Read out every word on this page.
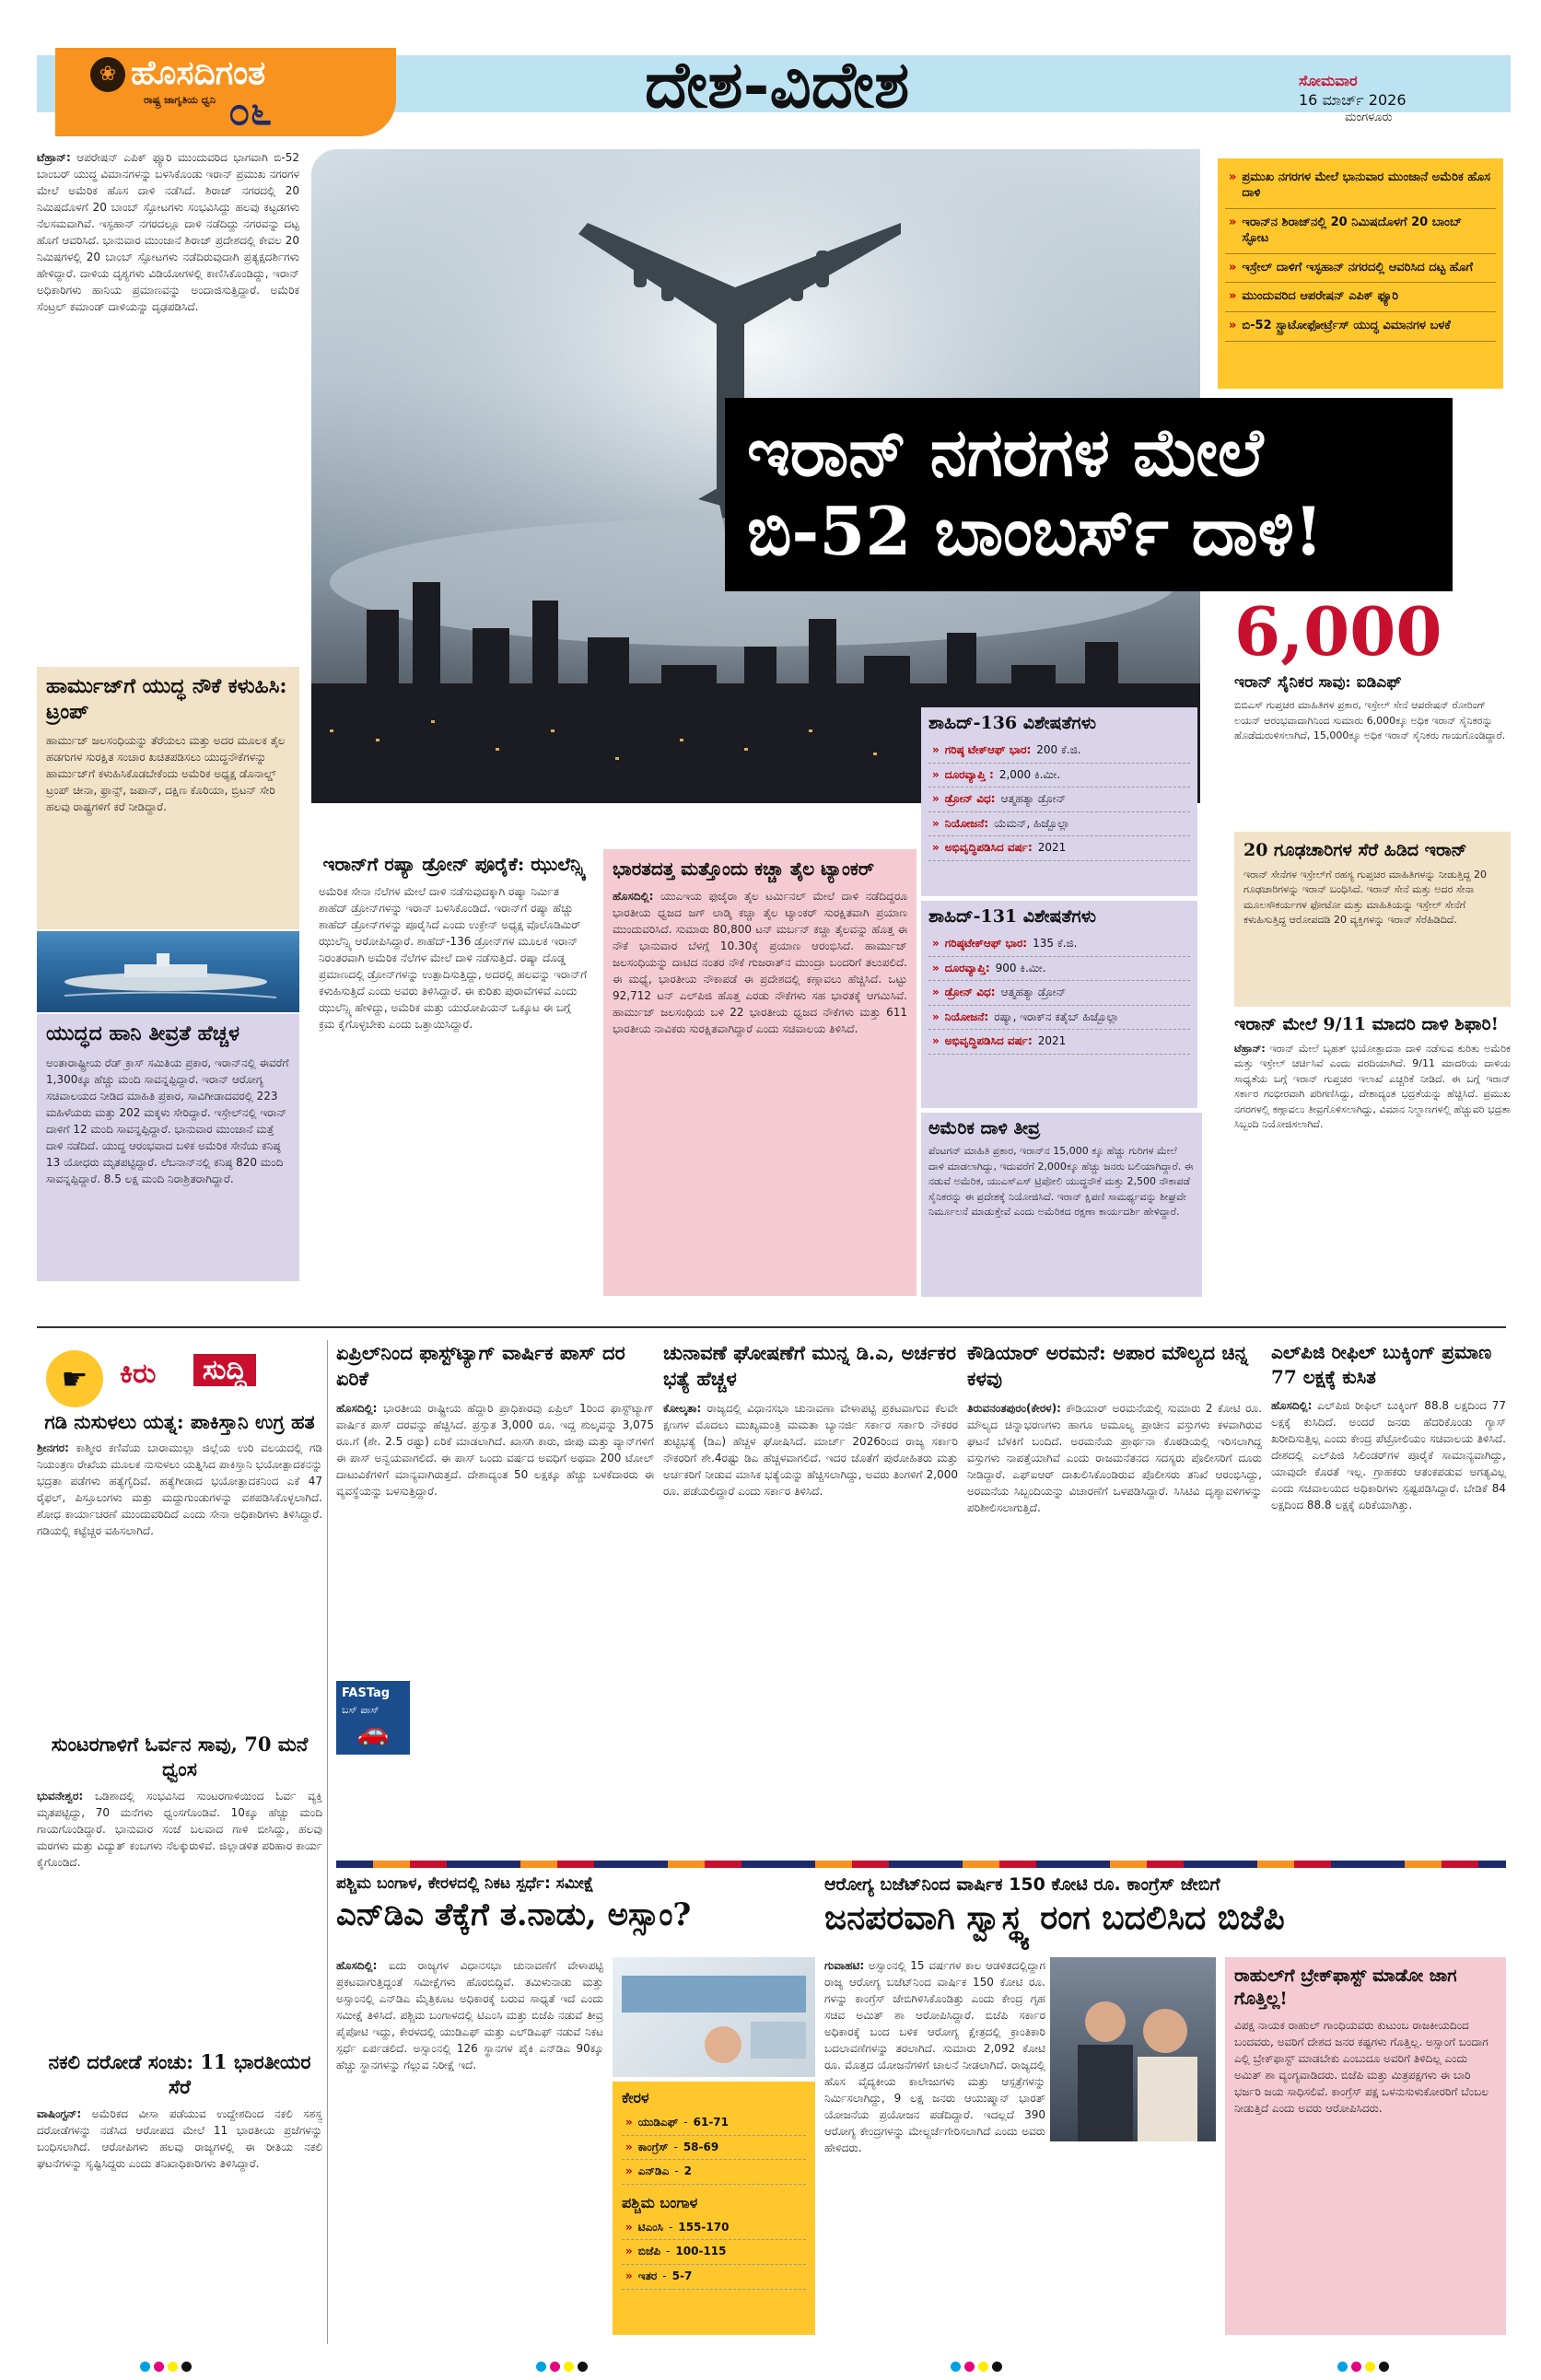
❀ ಹೊಸದಿಗಂತ
ರಾಷ್ಟ್ರ ಜಾಗೃತಿಯ ಧ್ವನಿ ೦೬	ದೇಶ-ವಿದೇಶ	ಸೋಮವಾರ
16 ಮಾರ್ಚ್ 2026
ಮಂಗಳೂರು

ಟೆಹ್ರಾನ್: ಆಪರೇಷನ್ ಎಪಿಕ್ ಫ್ಯೂರಿ ಮುಂದುವರಿದ ಭಾಗವಾಗಿ ಬಿ-52 ಬಾಂಬರ್ ಯುದ್ಧ ವಿಮಾನಗಳನ್ನು ಬಳಸಿಕೊಂಡು ಇರಾನ್ ಪ್ರಮುಖ ನಗರಗಳ ಮೇಲೆ ಅಮೆರಿಕ ಹೊಸ ದಾಳಿ ನಡೆಸಿದೆ. ಶಿರಾಜ್ ನಗರದಲ್ಲಿ 20 ನಿಮಿಷದೊಳಗೆ 20 ಬಾಂಬ್ ಸ್ಫೋಟಗಳು ಸಂಭವಿಸಿದ್ದು ಹಲವು ಕಟ್ಟಡಗಳು ನೆಲಸಮವಾಗಿವೆ. ಇಸ್ಫಹಾನ್ ನಗರದಲ್ಲೂ ದಾಳಿ ನಡೆದಿದ್ದು ನಗರವನ್ನು ದಟ್ಟ ಹೊಗೆ ಆವರಿಸಿದೆ. ಭಾನುವಾರ ಮುಂಜಾನೆ ಶಿರಾಜ್ ಪ್ರದೇಶದಲ್ಲಿ ಕೇವಲ 20 ನಿಮಿಷಗಳಲ್ಲಿ 20 ಬಾಂಬ್ ಸ್ಫೋಟಗಳು ನಡೆದಿರುವುದಾಗಿ ಪ್ರತ್ಯಕ್ಷದರ್ಶಿಗಳು ಹೇಳಿದ್ದಾರೆ. ದಾಳಿಯ ದೃಶ್ಯಗಳು ವಿಡಿಯೋಗಳಲ್ಲಿ ಕಾಣಿಸಿಕೊಂಡಿದ್ದು, ಇರಾನ್ ಅಧಿಕಾರಿಗಳು ಹಾನಿಯ ಪ್ರಮಾಣವನ್ನು ಅಂದಾಜಿಸುತ್ತಿದ್ದಾರೆ. ಅಮೆರಿಕ ಸೆಂಟ್ರಲ್ ಕಮಾಂಡ್ ದಾಳಿಯನ್ನು ದೃಢಪಡಿಸಿದೆ.

ಹಾರ್ಮುಜ್‌ಗೆ ಯುದ್ಧ ನೌಕೆ ಕಳುಹಿಸಿ: ಟ್ರಂಪ್
ಹಾರ್ಮುಜ್ ಜಲಸಂಧಿಯನ್ನು ತೆರೆಯಲು ಮತ್ತು ಅದರ ಮೂಲಕ ತೈಲ ಹಡಗುಗಳ ಸುರಕ್ಷಿತ ಸಂಚಾರ ಖಚಿತಪಡಿಸಲು ಯುದ್ಧನೌಕೆಗಳನ್ನು ಹಾರ್ಮುಜ್‌ಗೆ ಕಳುಹಿಸಿಕೊಡಬೇಕೆಂದು ಅಮೆರಿಕ ಅಧ್ಯಕ್ಷ ಡೊನಾಲ್ಡ್ ಟ್ರಂಪ್ ಚೀನಾ, ಫ್ರಾನ್ಸ್, ಜಪಾನ್, ದಕ್ಷಿಣ ಕೊರಿಯಾ, ಬ್ರಿಟನ್ ಸೇರಿ ಹಲವು ರಾಷ್ಟ್ರಗಳಿಗೆ ಕರೆ ನೀಡಿದ್ದಾರೆ.
ಯುದ್ಧದ ಹಾನಿ ತೀವ್ರತೆ ಹೆಚ್ಚಳ
ಅಂತಾರಾಷ್ಟ್ರೀಯ ರೆಡ್ ಕ್ರಾಸ್ ಸಮಿತಿಯ ಪ್ರಕಾರ, ಇರಾನ್‌ನಲ್ಲಿ ಈವರೆಗೆ 1,300ಕ್ಕೂ ಹೆಚ್ಚು ಮಂದಿ ಸಾವನ್ನಪ್ಪಿದ್ದಾರೆ. ಇರಾನ್ ಆರೋಗ್ಯ ಸಚಿವಾಲಯದ ನೀಡಿದ ಮಾಹಿತಿ ಪ್ರಕಾರ, ಸಾವಿಗೀಡಾದವರಲ್ಲಿ 223 ಮಹಿಳೆಯರು ಮತ್ತು 202 ಮಕ್ಕಳು ಸೇರಿದ್ದಾರೆ. ಇಸ್ರೇಲ್‌ನಲ್ಲಿ ಇರಾನ್ ದಾಳಿಗೆ 12 ಮಂದಿ ಸಾವನ್ನಪ್ಪಿದ್ದಾರೆ. ಭಾನುವಾರ ಮುಂಜಾನೆ ಮತ್ತೆ ದಾಳಿ ನಡೆದಿದೆ. ಯುದ್ಧ ಆರಂಭವಾದ ಬಳಿಕ ಅಮೆರಿಕ ಸೇನೆಯ ಕನಿಷ್ಠ 13 ಯೋಧರು ಮೃತಪಟ್ಟಿದ್ದಾರೆ. ಲೆಬನಾನ್‌ನಲ್ಲಿ ಕನಿಷ್ಠ 820 ಮಂದಿ ಸಾವನ್ನಪ್ಪಿದ್ದಾರೆ. 8.5 ಲಕ್ಷ ಮಂದಿ ನಿರಾಶ್ರಿತರಾಗಿದ್ದಾರೆ.
ಇರಾನ್ ನಗರಗಳ ಮೇಲೆ
ಬಿ-52 ಬಾಂಬರ್ಸ್ ದಾಳಿ!
» ಪ್ರಮುಖ ನಗರಗಳ ಮೇಲೆ ಭಾನುವಾರ ಮುಂಜಾನೆ ಅಮೆರಿಕ ಹೊಸ ದಾಳಿ
» ಇರಾನ್‌ನ ಶಿರಾಜ್‌ನಲ್ಲಿ 20 ನಿಮಿಷದೊಳಗೆ 20 ಬಾಂಬ್ ಸ್ಫೋಟ
» ಇಸ್ರೇಲ್ ದಾಳಿಗೆ ಇಸ್ಫಹಾನ್ ನಗರದಲ್ಲಿ ಆವರಿಸಿದ ದಟ್ಟ ಹೊಗೆ
» ಮುಂದುವರಿದ ಆಪರೇಷನ್ ಎಪಿಕ್ ಫ್ಯೂರಿ
» ಬಿ-52 ಸ್ಟ್ರಾಟೋಫೋರ್ಟ್ರೆಸ್ ಯುದ್ಧ ವಿಮಾನಗಳ ಬಳಕೆ
6,000
ಇರಾನ್ ಸೈನಿಕರ ಸಾವು: ಐಡಿಎಫ್
ಬಿಬಿಎಸ್ ಗುಪ್ತಚರ ಮಾಹಿತಿಗಳ ಪ್ರಕಾರ, ಇಸ್ರೇಲ್ ಸೇನೆ ಆಪರೇಷನ್ ರೋರಿಂಗ್ ಲಯನ್ ಆರಂಭವಾದಾಗಿನಿಂದ ಸುಮಾರು 6,000ಕ್ಕೂ ಅಧಿಕ ಇರಾನ್ ಸೈನಿಕರನ್ನು ಹೊಡೆದುರುಳಿಸಲಾಗಿದೆ, 15,000ಕ್ಕೂ ಅಧಿಕ ಇರಾನ್ ಸೈನಿಕರು ಗಾಯಗೊಂಡಿದ್ದಾರೆ.
20 ಗೂಢಚಾರಿಗಳ ಸೆರೆ ಹಿಡಿದ ಇರಾನ್
ಇರಾನ್ ಸೇನೆಗಳ ಇಸ್ರೇಲ್‌ಗೆ ರಹಸ್ಯ ಗುಪ್ತಚರ ಮಾಹಿತಿಗಳನ್ನು ನೀಡುತ್ತಿದ್ದ 20 ಗೂಢಚಾರಿಗಳನ್ನು ಇರಾನ್ ಬಂಧಿಸಿದೆ. ಇರಾನ್ ಸೇನೆ ಮತ್ತು ಅದರ ಸೇನಾ ಮೂಲಸೌಕರ್ಯಗಳ ಫೋಟೋ ಮತ್ತು ಮಾಹಿತಿಯನ್ನು ಇಸ್ರೇಲ್ ಸೇನೆಗೆ ಕಳುಹಿಸುತ್ತಿದ್ದ ಆರೋಪದಡಿ 20 ವ್ಯಕ್ತಿಗಳನ್ನು ಇರಾನ್ ಸೆರೆಹಿಡಿದಿದೆ.
ಇರಾನ್ ಮೇಲೆ 9/11 ಮಾದರಿ ದಾಳಿ ಶಿಫಾರಿ!

ಟೆಹ್ರಾನ್: ಇರಾನ್ ಮೇಲೆ ಬೃಹತ್ ಭಯೋತ್ಪಾದನಾ ದಾಳಿ ನಡೆಸುವ ಕುರಿತು ಅಮೆರಿಕ ಮತ್ತು ಇಸ್ರೇಲ್ ಚರ್ಚಿಸಿವೆ ಎಂದು ವರದಿಯಾಗಿದೆ. 9/11 ಮಾದರಿಯ ದಾಳಿಯ ಸಾಧ್ಯತೆಯ ಬಗ್ಗೆ ಇರಾನ್ ಗುಪ್ತಚರ ಇಲಾಖೆ ಎಚ್ಚರಿಕೆ ನೀಡಿದೆ. ಈ ಬಗ್ಗೆ ಇರಾನ್ ಸರ್ಕಾರ ಗಂಭೀರವಾಗಿ ಪರಿಗಣಿಸಿದ್ದು, ದೇಶಾದ್ಯಂತ ಭದ್ರತೆಯನ್ನು ಹೆಚ್ಚಿಸಿದೆ. ಪ್ರಮುಖ ನಗರಗಳಲ್ಲಿ ಕಣ್ಗಾವಲು ತೀವ್ರಗೊಳಿಸಲಾಗಿದ್ದು, ವಿಮಾನ ನಿಲ್ದಾಣಗಳಲ್ಲಿ ಹೆಚ್ಚುವರಿ ಭದ್ರತಾ ಸಿಬ್ಬಂದಿ ನಿಯೋಜಿಸಲಾಗಿದೆ.

ಶಾಹಿದ್-136 ವಿಶೇಷತೆಗಳು
» ಗರಿಷ್ಠ ಟೇಕ್‌ಆಫ್ ಭಾರ: 200 ಕೆ.ಜಿ.
» ದೂರವ್ಯಾಪ್ತಿ : 2,000 ಕಿ.ಮೀ.
» ಡ್ರೋನ್ ವಿಧ: ಆತ್ಮಹತ್ಯಾ ಡ್ರೋನ್
» ನಿಯೋಜನೆ: ಯೆಮನ್, ಹಿಜ್ಬೊಲ್ಲಾ
» ಅಭಿವೃದ್ಧಿಪಡಿಸಿದ ವರ್ಷ: 2021
ಶಾಹಿದ್-131 ವಿಶೇಷತೆಗಳು
» ಗರಿಷ್ಠಟೇಕ್‌ಆಫ್ ಭಾರ: 135 ಕೆ.ಜಿ.
» ದೂರವ್ಯಾಪ್ತಿ: 900 ಕಿ.ಮೀ.
» ಡ್ರೋನ್ ವಿಧ: ಆತ್ಮಹತ್ಯಾ ಡ್ರೋನ್
» ನಿಯೋಜನೆ: ರಷ್ಯಾ, ಇರಾಕ್‌ನ ಕತೈಬ್ ಹಿಜ್ಬೊಲ್ಲಾ
» ಅಭಿವೃದ್ಧಿಪಡಿಸಿದ ವರ್ಷ: 2021
ಅಮೆರಿಕ ದಾಳಿ ತೀವ್ರ
ಪೆಂಟಗನ್ ಮಾಹಿತಿ ಪ್ರಕಾರ, ಇರಾನ್‌ನ 15,000 ಕ್ಕೂ ಹೆಚ್ಚು ಗುರಿಗಳ ಮೇಲೆ ದಾಳಿ ಮಾಡಲಾಗಿದ್ದು, ಇದುವರೆಗೆ 2,000ಕ್ಕೂ ಹೆಚ್ಚು ಜನರು ಬಲಿಯಾಗಿದ್ದಾರೆ. ಈ ನಡುವೆ ಅಮೆರಿಕ, ಯುಎಸ್ಎಸ್ ಟ್ರಿಪೋಲಿ ಯುದ್ಧನೌಕೆ ಮತ್ತು 2,500 ನೌಕಾಪಡೆ ಸೈನಿಕರನ್ನು ಈ ಪ್ರದೇಶಕ್ಕೆ ನಿಯೋಜಿಸಿದೆ. ಇರಾನ್ ಕ್ಷಿಪಣಿ ಸಾಮರ್ಥ್ಯವನ್ನು ಶೀಘ್ರವೇ ನಿರ್ಮೂಲನೆ ಮಾಡುತ್ತೇವೆ ಎಂದು ಅಮೆರಿಕದ ರಕ್ಷಣಾ ಕಾರ್ಯದರ್ಶಿ ಹೇಳಿದ್ದಾರೆ.
ಇರಾನ್‌ಗೆ ರಷ್ಯಾ ಡ್ರೋನ್ ಪೂರೈಕೆ: ಝುಲೆನ್ಸ್ಕಿ
ಅಮೆರಿಕ ಸೇನಾ ನೆಲೆಗಳ ಮೇಲೆ ದಾಳಿ ನಡೆಸುವುದಕ್ಕಾಗಿ ರಷ್ಯಾ ನಿರ್ಮಿತ ಶಾಹೆದ್ ಡ್ರೋನ್‌ಗಳನ್ನು ಇರಾನ್ ಬಳಸಿಕೊಂಡಿದೆ. ಇರಾನ್‌ಗೆ ರಷ್ಯಾ ಹೆಚ್ಚು ಶಾಹೆದ್ ಡ್ರೋನ್‌ಗಳನ್ನು ಪೂರೈಸಿದೆ ಎಂದು ಉಕ್ರೇನ್ ಅಧ್ಯಕ್ಷ ವೊಲೊಡಿಮಿರ್ ಝುಲೆನ್ಸ್ಕಿ ಆರೋಪಿಸಿದ್ದಾರೆ. ಶಾಹೆದ್-136 ಡ್ರೋನ್‌ಗಳ ಮೂಲಕ ಇರಾನ್ ನಿರಂತರವಾಗಿ ಅಮೆರಿಕ ನೆಲೆಗಳ ಮೇಲೆ ದಾಳಿ ನಡೆಸುತ್ತಿದೆ. ರಷ್ಯಾ ದೊಡ್ಡ ಪ್ರಮಾಣದಲ್ಲಿ ಡ್ರೋನ್‌ಗಳನ್ನು ಉತ್ಪಾದಿಸುತ್ತಿದ್ದು, ಅದರಲ್ಲಿ ಹಲವನ್ನು ಇರಾನ್‌ಗೆ ಕಳುಹಿಸುತ್ತಿದೆ ಎಂದು ಅವರು ತಿಳಿಸಿದ್ದಾರೆ. ಈ ಕುರಿತು ಪುರಾವೆಗಳಿವೆ ಎಂದು ಝುಲೆನ್ಸ್ಕಿ ಹೇಳಿದ್ದು, ಅಮೆರಿಕ ಮತ್ತು ಯುರೋಪಿಯನ್ ಒಕ್ಕೂಟ ಈ ಬಗ್ಗೆ ಕ್ರಮ ಕೈಗೊಳ್ಳಬೇಕು ಎಂದು ಒತ್ತಾಯಿಸಿದ್ದಾರೆ.
ಭಾರತದತ್ತ ಮತ್ತೊಂದು ಕಚ್ಚಾ ತೈಲ ಟ್ಯಾಂಕರ್

ಹೊಸದಿಲ್ಲಿ: ಯುಎಇಯ ಫುಜೈರಾ ತೈಲ ಟರ್ಮಿನಲ್ ಮೇಲೆ ದಾಳಿ ನಡೆದಿದ್ದರೂ ಭಾರತೀಯ ಧ್ವಜದ ಜಗ್ ಲಾಡ್ಕಿ ಕಚ್ಚಾ ತೈಲ ಟ್ಯಾಂಕರ್ ಸುರಕ್ಷಿತವಾಗಿ ಪ್ರಯಾಣ ಮುಂದುವರಿಸಿದೆ. ಸುಮಾರು 80,800 ಟನ್ ಮರ್ಬನ್ ಕಚ್ಚಾ ತೈಲವನ್ನು ಹೊತ್ತ ಈ ನೌಕೆ ಭಾನುವಾರ ಬೆಳಗ್ಗೆ 10.30ಕ್ಕೆ ಪ್ರಯಾಣ ಆರಂಭಿಸಿದೆ. ಹಾರ್ಮುಜ್ ಜಲಸಂಧಿಯನ್ನು ದಾಟಿದ ನಂತರ ನೌಕೆ ಗುಜರಾತ್‌ನ ಮುಂದ್ರಾ ಬಂದರಿಗೆ ತಲುಪಲಿದೆ. ಈ ಮಧ್ಯೆ, ಭಾರತೀಯ ನೌಕಾಪಡೆ ಈ ಪ್ರದೇಶದಲ್ಲಿ ಕಣ್ಗಾವಲು ಹೆಚ್ಚಿಸಿದೆ. ಒಟ್ಟು 92,712 ಟನ್ ಎಲ್‌ಪಿಜಿ ಹೊತ್ತ ಎರಡು ನೌಕೆಗಳು ಸಹ ಭಾರತಕ್ಕೆ ಆಗಮಿಸಿವೆ. ಹಾರ್ಮುಜ್ ಜಲಸಂಧಿಯ ಬಳಿ 22 ಭಾರತೀಯ ಧ್ವಜದ ನೌಕೆಗಳು ಮತ್ತು 611 ಭಾರತೀಯ ನಾವಿಕರು ಸುರಕ್ಷಿತವಾಗಿದ್ದಾರೆ ಎಂದು ಸಚಿವಾಲಯ ತಿಳಿಸಿದೆ.

☛	ಕಿರು	ಸುದ್ದಿ
ಗಡಿ ನುಸುಳಲು ಯತ್ನ: ಪಾಕಿಸ್ತಾನಿ ಉಗ್ರ ಹತ

ಶ್ರೀನಗರ: ಕಾಶ್ಮೀರ ಕಣಿವೆಯ ಬಾರಾಮುಲ್ಲಾ ಜಿಲ್ಲೆಯ ಉರಿ ವಲಯದಲ್ಲಿ ಗಡಿ ನಿಯಂತ್ರಣ ರೇಖೆಯ ಮೂಲಕ ನುಸುಳಲು ಯತ್ನಿಸಿದ ಪಾಕಿಸ್ತಾನಿ ಭಯೋತ್ಪಾದಕನನ್ನು ಭದ್ರತಾ ಪಡೆಗಳು ಹತ್ಯೆಗೈದಿವೆ. ಹತ್ಯೆಗೀಡಾದ ಭಯೋತ್ಪಾದಕನಿಂದ ಎಕೆ 47 ರೈಫಲ್, ಪಿಸ್ತೂಲುಗಳು ಮತ್ತು ಮದ್ದುಗುಂಡುಗಳನ್ನು ವಶಪಡಿಸಿಕೊಳ್ಳಲಾಗಿದೆ. ಶೋಧ ಕಾರ್ಯಾಚರಣೆ ಮುಂದುವರಿದಿದೆ ಎಂದು ಸೇನಾ ಅಧಿಕಾರಿಗಳು ತಿಳಿಸಿದ್ದಾರೆ. ಗಡಿಯಲ್ಲಿ ಕಟ್ಟೆಚ್ಚರ ವಹಿಸಲಾಗಿದೆ.

ಸುಂಟರಗಾಳಿಗೆ ಓರ್ವನ ಸಾವು, 70 ಮನೆ ಧ್ವಂಸ

ಭುವನೇಶ್ವರ: ಒಡಿಶಾದಲ್ಲಿ ಸಂಭವಿಸಿದ ಸುಂಟರಗಾಳಿಯಿಂದ ಓರ್ವ ವ್ಯಕ್ತಿ ಮೃತಪಟ್ಟಿದ್ದು, 70 ಮನೆಗಳು ಧ್ವಂಸಗೊಂಡಿವೆ. 10ಕ್ಕೂ ಹೆಚ್ಚು ಮಂದಿ ಗಾಯಗೊಂಡಿದ್ದಾರೆ. ಭಾನುವಾರ ಸಂಜೆ ಬಲವಾದ ಗಾಳಿ ಬೀಸಿದ್ದು, ಹಲವು ಮರಗಳು ಮತ್ತು ವಿದ್ಯುತ್ ಕಂಬಗಳು ನೆಲಕ್ಕುರುಳಿವೆ. ಜಿಲ್ಲಾಡಳಿತ ಪರಿಹಾರ ಕಾರ್ಯ ಕೈಗೊಂಡಿದೆ.

ನಕಲಿ ದರೋಡೆ ಸಂಚು: 11 ಭಾರತೀಯರ ಸೆರೆ

ವಾಷಿಂಗ್ಟನ್: ಅಮೆರಿಕದ ವೀಸಾ ಪಡೆಯುವ ಉದ್ದೇಶದಿಂದ ನಕಲಿ ಸಶಸ್ತ್ರ ದರೋಡೆಗಳನ್ನು ನಡೆಸಿದ ಆರೋಪದ ಮೇಲೆ 11 ಭಾರತೀಯ ಪ್ರಜೆಗಳನ್ನು ಬಂಧಿಸಲಾಗಿದೆ. ಆರೋಪಿಗಳು ಹಲವು ರಾಜ್ಯಗಳಲ್ಲಿ ಈ ರೀತಿಯ ನಕಲಿ ಘಟನೆಗಳನ್ನು ಸೃಷ್ಟಿಸಿದ್ದರು ಎಂದು ತನಿಖಾಧಿಕಾರಿಗಳು ತಿಳಿಸಿದ್ದಾರೆ.

ಏಪ್ರಿಲ್‌ನಿಂದ ಫಾಸ್ಟ್‌ಟ್ಯಾಗ್ ವಾರ್ಷಿಕ ಪಾಸ್ ದರ ಏರಿಕೆ

ಹೊಸದಿಲ್ಲಿ: ಭಾರತೀಯ ರಾಷ್ಟ್ರೀಯ ಹೆದ್ದಾರಿ ಪ್ರಾಧಿಕಾರವು ಏಪ್ರಿಲ್ 1ರಿಂದ ಫಾಸ್ಟ್‌ಟ್ಯಾಗ್ ವಾರ್ಷಿಕ ಪಾಸ್ ದರವನ್ನು ಹೆಚ್ಚಿಸಿದೆ. ಪ್ರಸ್ತುತ 3,000 ರೂ. ಇದ್ದ ಶುಲ್ಕವನ್ನು 3,075 ರೂ.ಗೆ (ಶೇ. 2.5 ರಷ್ಟು) ಏರಿಕೆ ಮಾಡಲಾಗಿದೆ. ಖಾಸಗಿ ಕಾರು, ಜೀಪು ಮತ್ತು ವ್ಯಾನ್‌ಗಳಿಗೆ ಈ ಪಾಸ್ ಅನ್ವಯವಾಗಲಿದೆ. ಈ ಪಾಸ್ ಒಂದು ವರ್ಷದ ಅವಧಿಗೆ ಅಥವಾ 200 ಟೋಲ್ ದಾಟುವಿಕೆಗಳಿಗೆ ಮಾನ್ಯವಾಗಿರುತ್ತದೆ. ದೇಶಾದ್ಯಂತ 50 ಲಕ್ಷಕ್ಕೂ ಹೆಚ್ಚು ಬಳಕೆದಾರರು ಈ ವ್ಯವಸ್ಥೆಯನ್ನು ಬಳಸುತ್ತಿದ್ದಾರೆ.

FASTag
ಬಸ್ ಪಾಸ್
🚗
ಚುನಾವಣೆ ಘೋಷಣೆಗೆ ಮುನ್ನ ಡಿ.ಎ, ಅರ್ಚಕರ ಭತ್ಯೆ ಹೆಚ್ಚಳ

ಕೋಲ್ಕತಾ: ರಾಜ್ಯದಲ್ಲಿ ವಿಧಾನಸಭಾ ಚುನಾವಣಾ ವೇಳಾಪಟ್ಟಿ ಪ್ರಕಟವಾಗುವ ಕೆಲವೇ ಕ್ಷಣಗಳ ಮೊದಲು ಮುಖ್ಯಮಂತ್ರಿ ಮಮತಾ ಬ್ಯಾನರ್ಜಿ ಸರ್ಕಾರ ಸರ್ಕಾರಿ ನೌಕರರ ತುಟ್ಟಿಭತ್ಯೆ (ಡಿಎ) ಹೆಚ್ಚಳ ಘೋಷಿಸಿದೆ. ಮಾರ್ಚ್ 2026ರಿಂದ ರಾಜ್ಯ ಸರ್ಕಾರಿ ನೌಕರರಿಗೆ ಶೇ.4ರಷ್ಟು ಡಿಎ ಹೆಚ್ಚಳವಾಗಲಿದೆ. ಇದರ ಜೊತೆಗೆ ಪುರೋಹಿತರು ಮತ್ತು ಅರ್ಚಕರಿಗೆ ನೀಡುವ ಮಾಸಿಕ ಭತ್ಯೆಯನ್ನು ಹೆಚ್ಚಿಸಲಾಗಿದ್ದು, ಅವರು ತಿಂಗಳಿಗೆ 2,000 ರೂ. ಪಡೆಯಲಿದ್ದಾರೆ ಎಂದು ಸರ್ಕಾರ ತಿಳಿಸಿದೆ.

ಕೌಡಿಯಾರ್ ಅರಮನೆ: ಅಪಾರ ಮೌಲ್ಯದ ಚಿನ್ನ ಕಳವು

ತಿರುವನಂತಪುರಂ(ಕೇರಳ): ಕೌಡಿಯಾರ್ ಅರಮನೆಯಲ್ಲಿ ಸುಮಾರು 2 ಕೋಟಿ ರೂ. ಮೌಲ್ಯದ ಚಿನ್ನಾಭರಣಗಳು ಹಾಗೂ ಅಮೂಲ್ಯ ಪ್ರಾಚೀನ ವಸ್ತುಗಳು ಕಳವಾಗಿರುವ ಘಟನೆ ಬೆಳಕಿಗೆ ಬಂದಿದೆ. ಅರಮನೆಯ ಪ್ರಾರ್ಥನಾ ಕೊಠಡಿಯಲ್ಲಿ ಇರಿಸಲಾಗಿದ್ದ ವಸ್ತುಗಳು ನಾಪತ್ತೆಯಾಗಿವೆ ಎಂದು ರಾಜಮನೆತನದ ಸದಸ್ಯರು ಪೊಲೀಸರಿಗೆ ದೂರು ನೀಡಿದ್ದಾರೆ. ಎಫ್ಐಆರ್ ದಾಖಲಿಸಿಕೊಂಡಿರುವ ಪೊಲೀಸರು ತನಿಖೆ ಆರಂಭಿಸಿದ್ದು, ಅರಮನೆಯ ಸಿಬ್ಬಂದಿಯನ್ನು ವಿಚಾರಣೆಗೆ ಒಳಪಡಿಸಿದ್ದಾರೆ. ಸಿಸಿಟಿವಿ ದೃಶ್ಯಾವಳಿಗಳನ್ನು ಪರಿಶೀಲಿಸಲಾಗುತ್ತಿದೆ.

ಎಲ್‌ಪಿಜಿ ರೀಫಿಲ್ ಬುಕ್ಕಿಂಗ್ ಪ್ರಮಾಣ 77 ಲಕ್ಷಕ್ಕೆ ಕುಸಿತ

ಹೊಸದಿಲ್ಲಿ: ಎಲ್‌ಪಿಜಿ ರೀಫಿಲ್ ಬುಕ್ಕಿಂಗ್ 88.8 ಲಕ್ಷದಿಂದ 77 ಲಕ್ಷಕ್ಕೆ ಕುಸಿದಿದೆ. ಅಂದರೆ ಜನರು ಹೆದರಿಕೊಂಡು ಗ್ಯಾಸ್ ಖರೀದಿಸುತ್ತಿಲ್ಲ ಎಂದು ಕೇಂದ್ರ ಪೆಟ್ರೋಲಿಯಂ ಸಚಿವಾಲಯ ತಿಳಿಸಿದೆ. ದೇಶದಲ್ಲಿ ಎಲ್‌ಪಿಜಿ ಸಿಲಿಂಡರ್‌ಗಳ ಪೂರೈಕೆ ಸಾಮಾನ್ಯವಾಗಿದ್ದು, ಯಾವುದೇ ಕೊರತೆ ಇಲ್ಲ. ಗ್ರಾಹಕರು ಆತಂಕಪಡುವ ಅಗತ್ಯವಿಲ್ಲ ಎಂದು ಸಚಿವಾಲಯದ ಅಧಿಕಾರಿಗಳು ಸ್ಪಷ್ಟಪಡಿಸಿದ್ದಾರೆ. ಬೇಡಿಕೆ 84 ಲಕ್ಷದಿಂದ 88.8 ಲಕ್ಷಕ್ಕೆ ಏರಿಕೆಯಾಗಿತ್ತು.

ಪಶ್ಚಿಮ ಬಂಗಾಳ, ಕೇರಳದಲ್ಲಿ ನಿಕಟ ಸ್ಪರ್ಧೆ: ಸಮೀಕ್ಷೆ
ಎನ್‌ಡಿಎ ತೆಕ್ಕೆಗೆ ತ.ನಾಡು, ಅಸ್ಸಾಂ?

ಹೊಸದಿಲ್ಲಿ: ಐದು ರಾಜ್ಯಗಳ ವಿಧಾನಸಭಾ ಚುನಾವಣೆಗೆ ವೇಳಾಪಟ್ಟಿ ಪ್ರಕಟವಾಗುತ್ತಿದ್ದಂತೆ ಸಮೀಕ್ಷೆಗಳು ಹೊರಬಿದ್ದಿವೆ. ತಮಿಳುನಾಡು ಮತ್ತು ಅಸ್ಸಾಂನಲ್ಲಿ ಎನ್‌ಡಿಎ ಮೈತ್ರಿಕೂಟ ಅಧಿಕಾರಕ್ಕೆ ಬರುವ ಸಾಧ್ಯತೆ ಇದೆ ಎಂದು ಸಮೀಕ್ಷೆ ತಿಳಿಸಿದೆ. ಪಶ್ಚಿಮ ಬಂಗಾಳದಲ್ಲಿ ಟಿಎಂಸಿ ಮತ್ತು ಬಿಜೆಪಿ ನಡುವೆ ತೀವ್ರ ಪೈಪೋಟಿ ಇದ್ದು, ಕೇರಳದಲ್ಲಿ ಯುಡಿಎಫ್ ಮತ್ತು ಎಲ್‌ಡಿಎಫ್ ನಡುವೆ ನಿಕಟ ಸ್ಪರ್ಧೆ ಏರ್ಪಡಲಿದೆ. ಅಸ್ಸಾಂನಲ್ಲಿ 126 ಸ್ಥಾನಗಳ ಪೈಕಿ ಎನ್‌ಡಿಎ 90ಕ್ಕೂ ಹೆಚ್ಚು ಸ್ಥಾನಗಳನ್ನು ಗೆಲ್ಲುವ ನಿರೀಕ್ಷೆ ಇದೆ.

ಕೇರಳ
» ಯುಡಿಎಫ್ - 61-71
» ಕಾಂಗ್ರೆಸ್ - 58-69
» ಎನ್‌ಡಿಎ - 2
ಪಶ್ಚಿಮ ಬಂಗಾಳ
» ಟಿಎಂಸಿ - 155-170
» ಬಿಜೆಪಿ - 100-115
» ಇತರ - 5-7
ಆರೋಗ್ಯ ಬಜೆಟ್‌ನಿಂದ ವಾರ್ಷಿಕ 150 ಕೋಟಿ ರೂ. ಕಾಂಗ್ರೆಸ್ ಜೇಬಿಗೆ
ಜನಪರವಾಗಿ ಸ್ವಾಸ್ಥ್ಯ ರಂಗ ಬದಲಿಸಿದ ಬಿಜೆಪಿ

ಗುವಾಹಟಿ: ಅಸ್ಸಾಂನಲ್ಲಿ 15 ವರ್ಷಗಳ ಕಾಲ ಆಡಳಿತದಲ್ಲಿದ್ದಾಗ ರಾಜ್ಯ ಆರೋಗ್ಯ ಬಜೆಟ್‌ನಿಂದ ವಾರ್ಷಿಕ 150 ಕೋಟಿ ರೂ. ಗಳನ್ನು ಕಾಂಗ್ರೆಸ್ ಜೇಬಿಗಿಳಿಸಿಕೊಂಡಿತ್ತು ಎಂದು ಕೇಂದ್ರ ಗೃಹ ಸಚಿವ ಅಮಿತ್ ಶಾ ಆರೋಪಿಸಿದ್ದಾರೆ. ಬಿಜೆಪಿ ಸರ್ಕಾರ ಅಧಿಕಾರಕ್ಕೆ ಬಂದ ಬಳಿಕ ಆರೋಗ್ಯ ಕ್ಷೇತ್ರದಲ್ಲಿ ಕ್ರಾಂತಿಕಾರಿ ಬದಲಾವಣೆಗಳನ್ನು ತರಲಾಗಿದೆ. ಸುಮಾರು 2,092 ಕೋಟಿ ರೂ. ಮೊತ್ತದ ಯೋಜನೆಗಳಿಗೆ ಚಾಲನೆ ನೀಡಲಾಗಿದೆ. ರಾಜ್ಯದಲ್ಲಿ ಹೊಸ ವೈದ್ಯಕೀಯ ಕಾಲೇಜುಗಳು ಮತ್ತು ಆಸ್ಪತ್ರೆಗಳನ್ನು ನಿರ್ಮಿಸಲಾಗಿದ್ದು, 9 ಲಕ್ಷ ಜನರು ಆಯುಷ್ಮಾನ್ ಭಾರತ್ ಯೋಜನೆಯ ಪ್ರಯೋಜನ ಪಡೆದಿದ್ದಾರೆ. ಇದಲ್ಲದೆ 390 ಆರೋಗ್ಯ ಕೇಂದ್ರಗಳನ್ನು ಮೇಲ್ದರ್ಜೆಗೇರಿಸಲಾಗಿದೆ ಎಂದು ಅವರು ಹೇಳಿದರು.

ರಾಹುಲ್‌ಗೆ ಬ್ರೇಕ್‌ಫಾಸ್ಟ್ ಮಾಡೋ ಜಾಗ ಗೊತ್ತಿಲ್ಲ!
ವಿಪಕ್ಷ ನಾಯಕ ರಾಹುಲ್ ಗಾಂಧಿಯವರು ಕುಟುಂಬ ರಾಜಕೀಯದಿಂದ ಬಂದವರು, ಅವರಿಗೆ ದೇಶದ ಜನರ ಕಷ್ಟಗಳು ಗೊತ್ತಿಲ್ಲ. ಅಸ್ಸಾಂಗೆ ಬಂದಾಗ ಎಲ್ಲಿ ಬ್ರೇಕ್‌ಫಾಸ್ಟ್ ಮಾಡಬೇಕು ಎಂಬುದೂ ಅವರಿಗೆ ತಿಳಿದಿಲ್ಲ ಎಂದು ಅಮಿತ್ ಶಾ ವ್ಯಂಗ್ಯವಾಡಿದರು. ಬಿಜೆಪಿ ಮತ್ತು ಮಿತ್ರಪಕ್ಷಗಳು ಈ ಬಾರಿ ಭರ್ಜರಿ ಜಯ ಸಾಧಿಸಲಿವೆ. ಕಾಂಗ್ರೆಸ್ ಪಕ್ಷ ಒಳನುಸುಳುಕೋರರಿಗೆ ಬೆಂಬಲ ನೀಡುತ್ತಿದೆ ಎಂದು ಅವರು ಆರೋಪಿಸಿದರು.
